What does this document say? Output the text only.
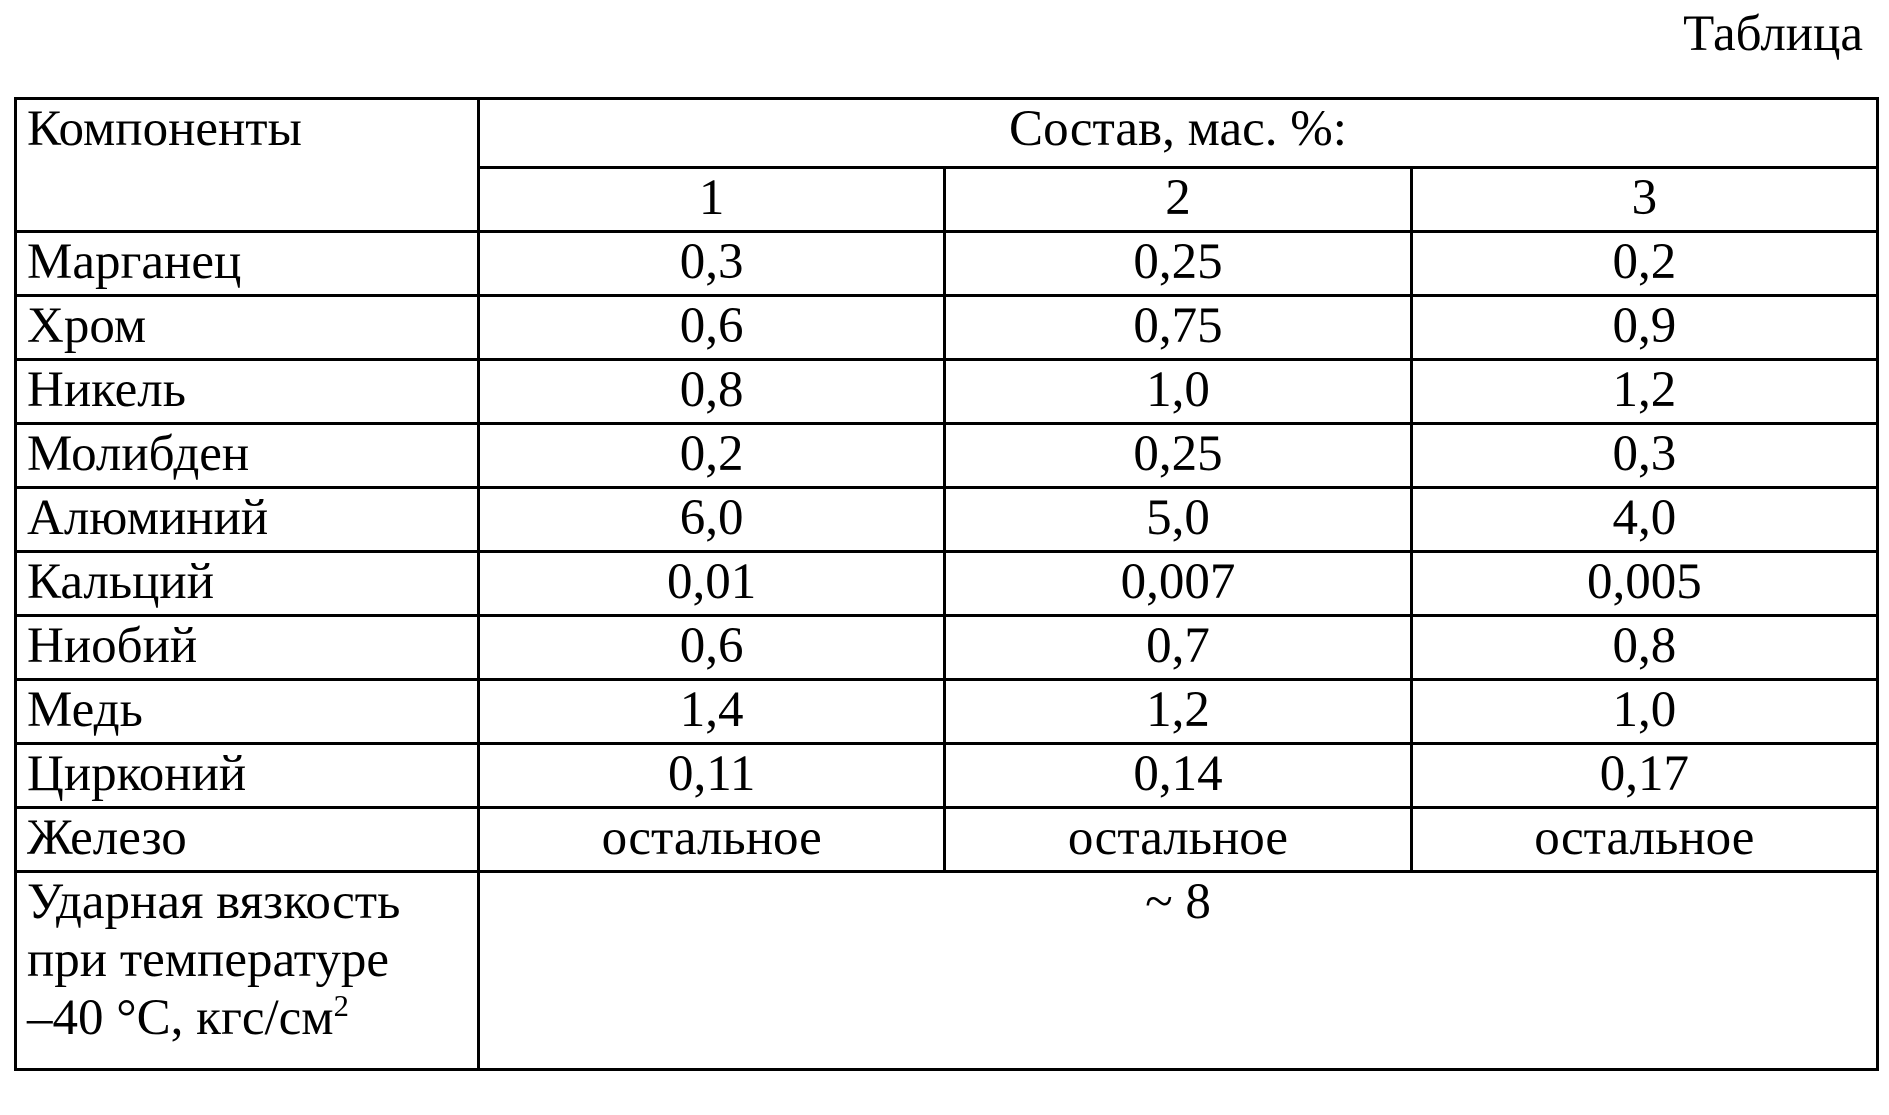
Таблица
Компоненты	Состав, мас. %:		
	1	2	3
Марганец	0,3	0,25	0,2
Хром	0,6	0,75	0,9
Никель	0,8	1,0	1,2
Молибден	0,2	0,25	0,3
Алюминий	6,0	5,0	4,0
Кальций	0,01	0,007	0,005
Ниобий	0,6	0,7	0,8
Медь	1,4	1,2	1,0
Цирконий	0,11	0,14	0,17
Железо	остальное	остальное	остальное

Ударная вязкость
при температуре
–40 °С, кгс/$см^2$	~ 8		
